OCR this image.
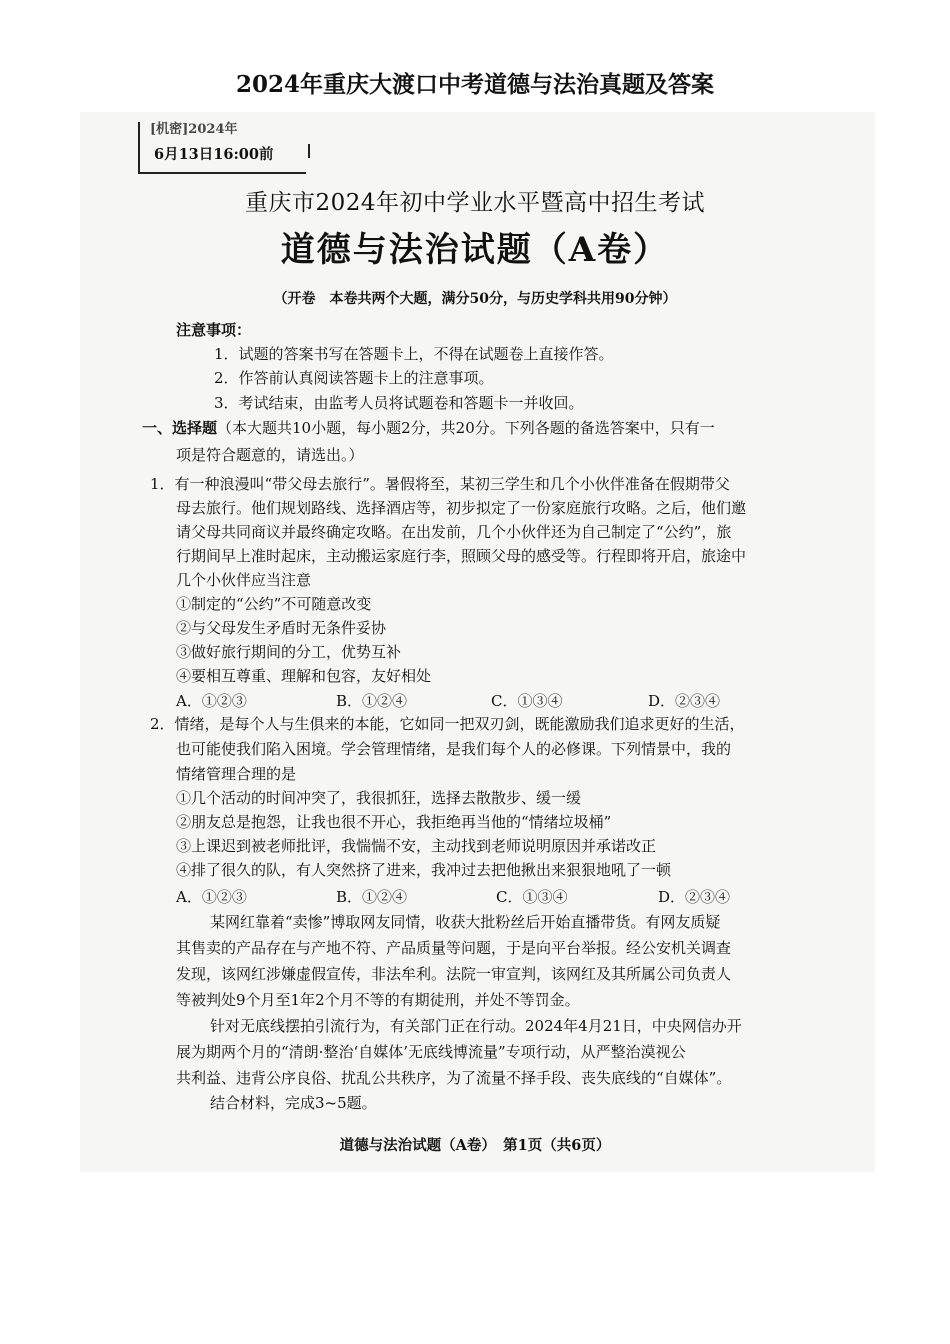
2024年重庆大渡口中考道德与法治真题及答案
[机密]2024年
6月13日16:00前
重庆市2024年初中学业水平暨高中招生考试
道德与法治试题（A卷）
（开卷　本卷共两个大题，满分50分，与历史学科共用90分钟）
注意事项：
1．试题的答案书写在答题卡上，不得在试题卷上直接作答。
2．作答前认真阅读答题卡上的注意事项。
3．考试结束，由监考人员将试题卷和答题卡一并收回。
一、选择题（本大题共10小题，每小题2分，共20分。下列各题的备选答案中，只有一
项是符合题意的，请选出。）
1．有一种浪漫叫“带父母去旅行”。暑假将至，某初三学生和几个小伙伴准备在假期带父
母去旅行。他们规划路线、选择酒店等，初步拟定了一份家庭旅行攻略。之后，他们邀
请父母共同商议并最终确定攻略。在出发前，几个小伙伴还为自己制定了“公约”，旅
行期间早上准时起床，主动搬运家庭行李，照顾父母的感受等。行程即将开启，旅途中
几个小伙伴应当注意
①制定的“公约”不可随意改变
②与父母发生矛盾时无条件妥协
③做好旅行期间的分工，优势互补
④要相互尊重、理解和包容，友好相处
A．①②③	B．①②④	C．①③④	D．②③④
2．情绪，是每个人与生俱来的本能，它如同一把双刃剑，既能激励我们追求更好的生活，
也可能使我们陷入困境。学会管理情绪，是我们每个人的必修课。下列情景中，我的
情绪管理合理的是
①几个活动的时间冲突了，我很抓狂，选择去散散步、缓一缓
②朋友总是抱怨，让我也很不开心，我拒绝再当他的“情绪垃圾桶”
③上课迟到被老师批评，我惴惴不安，主动找到老师说明原因并承诺改正
④排了很久的队，有人突然挤了进来，我冲过去把他揪出来狠狠地吼了一顿
A．①②③	B．①②④	C．①③④	D．②③④
某网红靠着“卖惨”博取网友同情，收获大批粉丝后开始直播带货。有网友质疑
其售卖的产品存在与产地不符、产品质量等问题，于是向平台举报。经公安机关调查
发现，该网红涉嫌虚假宣传，非法牟利。法院一审宣判，该网红及其所属公司负责人
等被判处9个月至1年2个月不等的有期徒刑，并处不等罚金。
针对无底线摆拍引流行为，有关部门正在行动。2024年4月21日，中央网信办开
展为期两个月的“清朗·整治‘自媒体’无底线博流量”专项行动，从严整治漠视公
共利益、违背公序良俗、扰乱公共秩序，为了流量不择手段、丧失底线的“自媒体”。
结合材料，完成3~5题。
道德与法治试题（A卷）　第1页（共6页）
